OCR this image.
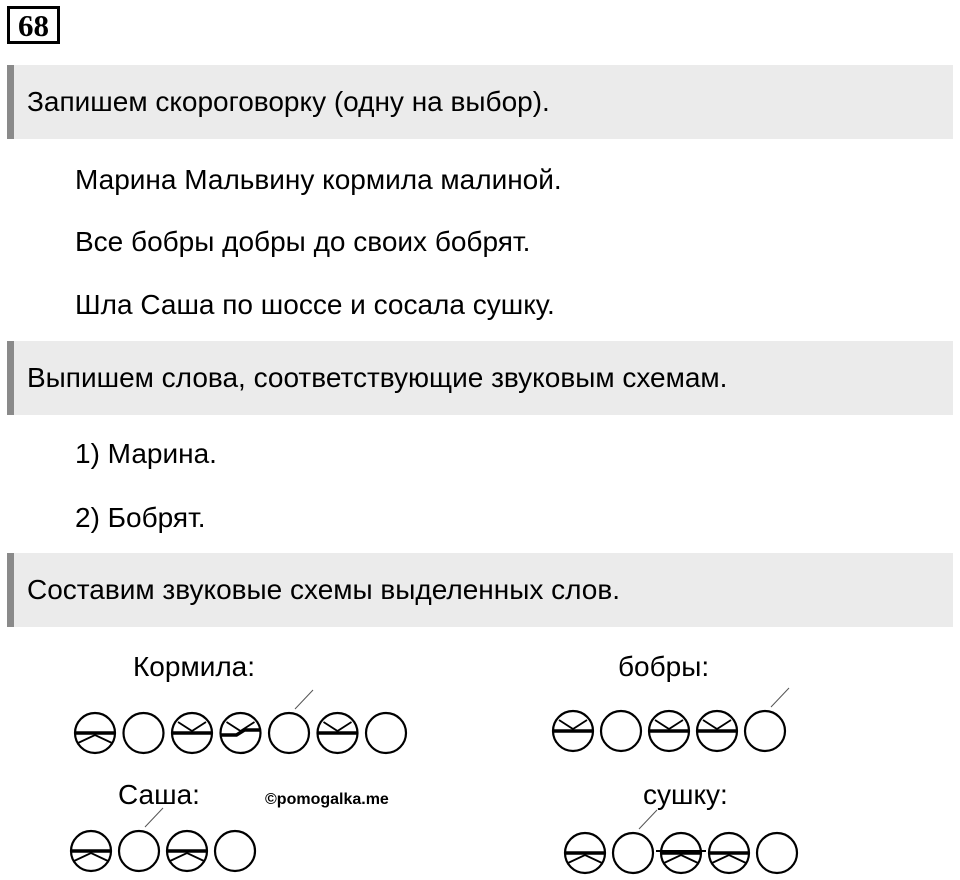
68
Запишем скороговорку (одну на выбор).
Марина Мальвину кормила малиной.
Все бобры добры до своих бобрят.
Шла Саша по шоссе и сосала сушку.
Выпишем слова, соответствующие звуковым схемам.
1) Марина.
2) Бобрят.
Составим звуковые схемы выделенных слов.
Кормила:	бобры:
Саша:	сушку:
©pomogalka.me
